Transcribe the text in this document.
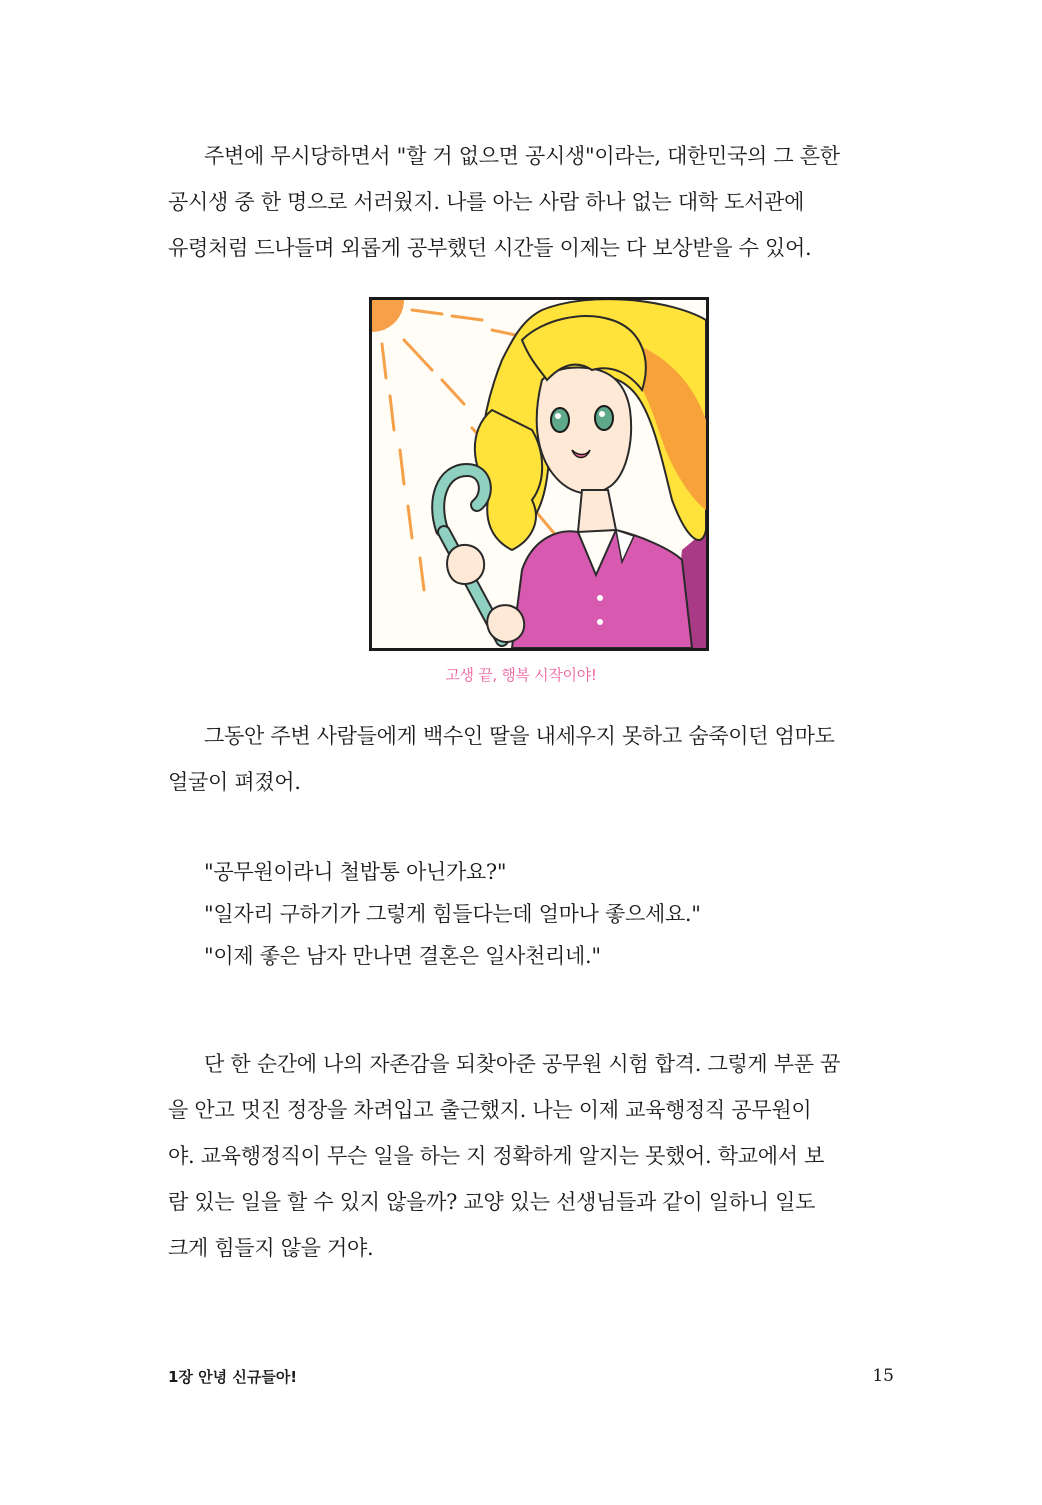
주변에 무시당하면서 "할 거 없으면 공시생"이라는, 대한민국의 그 흔한
공시생 중 한 명으로 서러웠지. 나를 아는 사람 하나 없는 대학 도서관에
유령처럼 드나들며 외롭게 공부했던 시간들 이제는 다 보상받을 수 있어.
고생 끝, 행복 시작이야!
그동안 주변 사람들에게 백수인 딸을 내세우지 못하고 숨죽이던 엄마도
얼굴이 펴졌어.
"공무원이라니 철밥통 아닌가요?"
"일자리 구하기가 그렇게 힘들다는데 얼마나 좋으세요."
"이제 좋은 남자 만나면 결혼은 일사천리네."
단 한 순간에 나의 자존감을 되찾아준 공무원 시험 합격. 그렇게 부푼 꿈
을 안고 멋진 정장을 차려입고 출근했지. 나는 이제 교육행정직 공무원이
야. 교육행정직이 무슨 일을 하는 지 정확하게 알지는 못했어. 학교에서 보
람 있는 일을 할 수 있지 않을까? 교양 있는 선생님들과 같이 일하니 일도
크게 힘들지 않을 거야.
1장 안녕 신규들아!	15
